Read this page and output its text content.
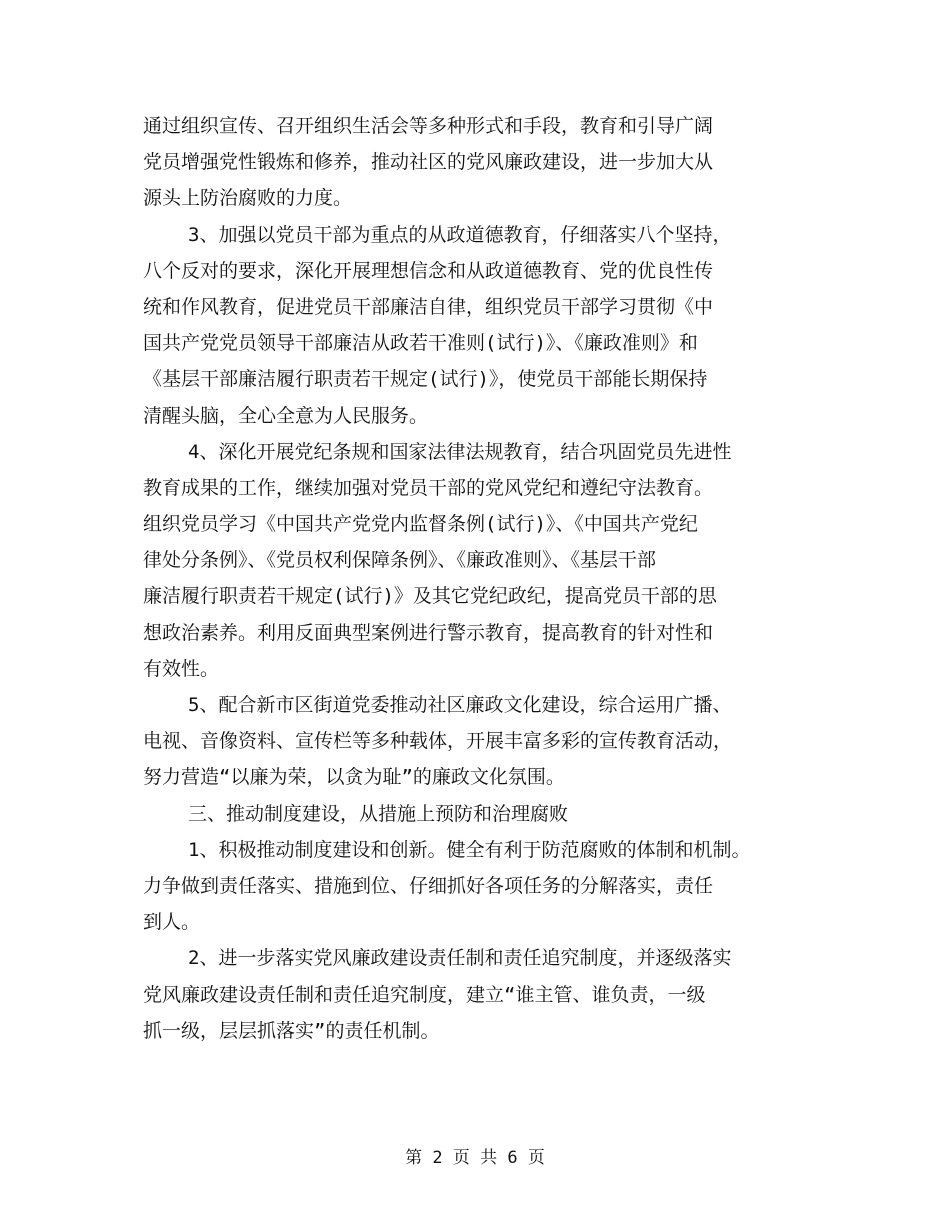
通过组织宣传、召开组织生活会等多种形式和手段，教育和引导广阔
党员增强党性锻炼和修养，推动社区的党风廉政建设，进一步加大从
源头上防治腐败的力度。
3、加强以党员干部为重点的从政道德教育，仔细落实八个坚持，
八个反对的要求，深化开展理想信念和从政道德教育、党的优良性传
统和作风教育，促进党员干部廉洁自律，组织党员干部学习贯彻《中
国共产党党员领导干部廉洁从政若干准则(试行)》、《廉政准则》和
《基层干部廉洁履行职责若干规定(试行)》，使党员干部能长期保持
清醒头脑，全心全意为人民服务。
4、深化开展党纪条规和国家法律法规教育，结合巩固党员先进性
教育成果的工作，继续加强对党员干部的党风党纪和遵纪守法教育。
组织党员学习《中国共产党党内监督条例(试行)》、《中国共产党纪
律处分条例》、《党员权利保障条例》、《廉政准则》、《基层干部
廉洁履行职责若干规定(试行)》及其它党纪政纪，提高党员干部的思
想政治素养。利用反面典型案例进行警示教育，提高教育的针对性和
有效性。
5、配合新市区街道党委推动社区廉政文化建设，综合运用广播、
电视、音像资料、宣传栏等多种载体，开展丰富多彩的宣传教育活动，
努力营造“以廉为荣，以贪为耻”的廉政文化氛围。
三、推动制度建设，从措施上预防和治理腐败
1、积极推动制度建设和创新。健全有利于防范腐败的体制和机制。
力争做到责任落实、措施到位、仔细抓好各项任务的分解落实，责任
到人。
2、进一步落实党风廉政建设责任制和责任追究制度，并逐级落实
党风廉政建设责任制和责任追究制度，建立“谁主管、谁负责，一级
抓一级，层层抓落实”的责任机制。
第 2 页 共 6 页
